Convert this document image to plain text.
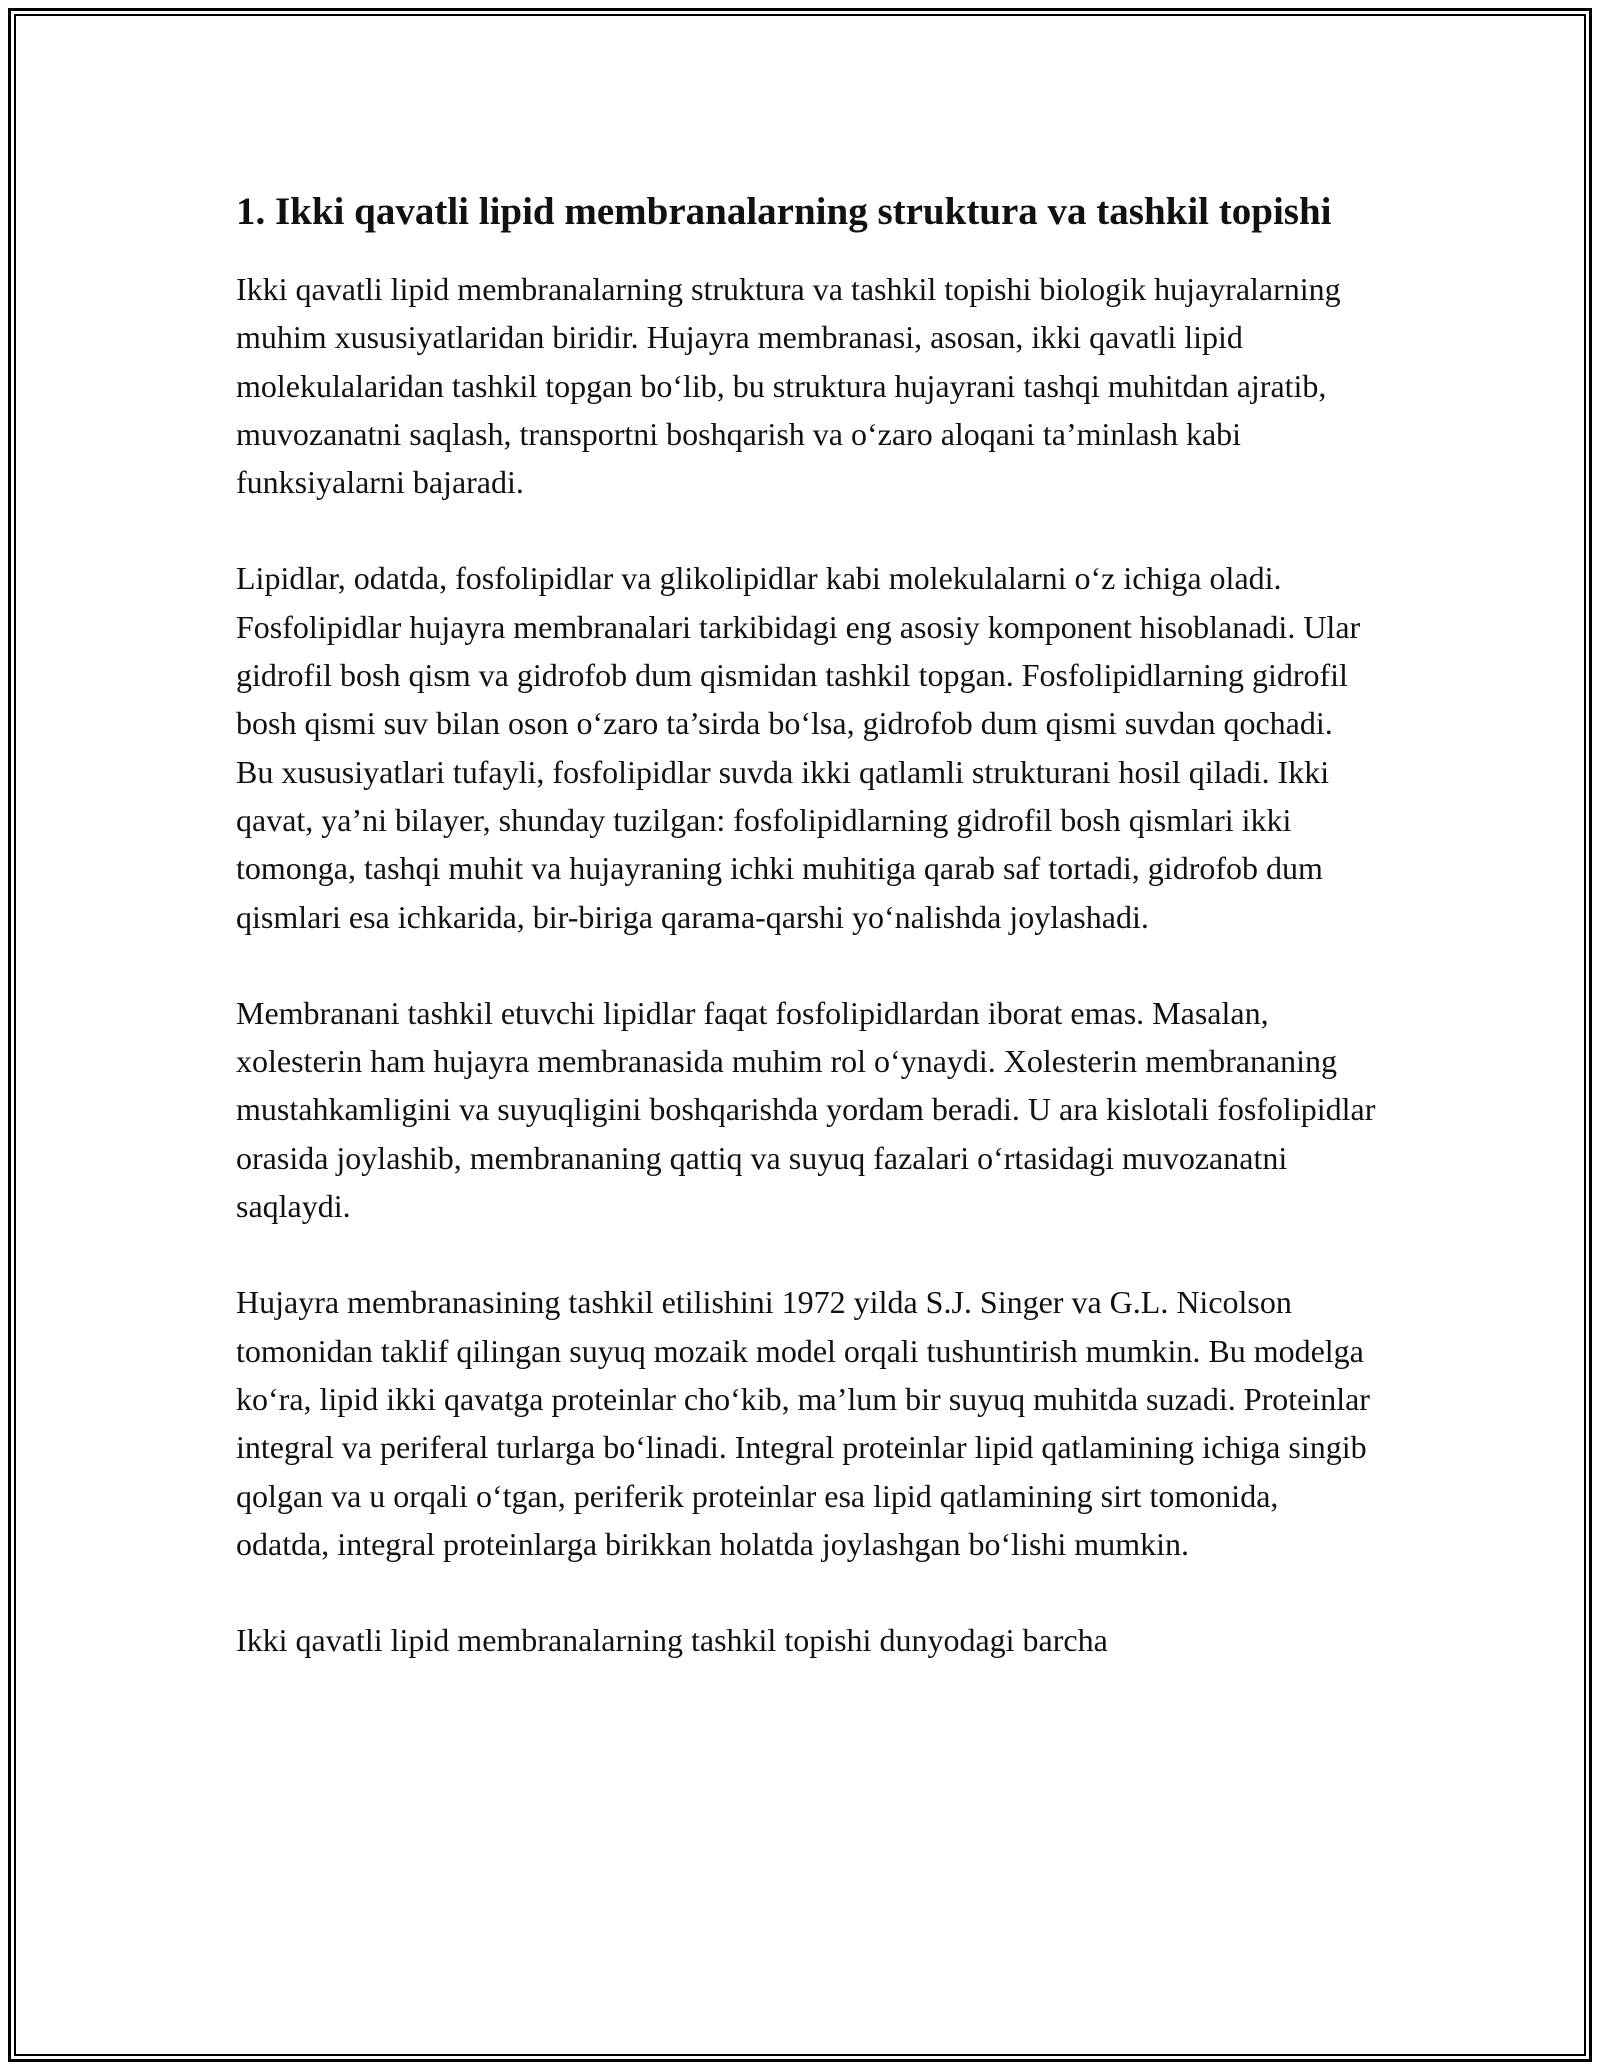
1. Ikki qavatli lipid membranalarning struktura va tashkil topishi

Ikki qavatli lipid membranalarning struktura va tashkil topishi biologik hujayralarning muhim xususiyatlaridan biridir. Hujayra membranasi, asosan, ikki qavatli lipid molekulalaridan tashkil topgan bo‘lib, bu struktura hujayrani tashqi muhitdan ajratib, muvozanatni saqlash, transportni boshqarish va o‘zaro aloqani ta’minlash kabi funksiyalarni bajaradi.

Lipidlar, odatda, fosfolipidlar va glikolipidlar kabi molekulalarni o‘z ichiga oladi. Fosfolipidlar hujayra membranalari tarkibidagi eng asosiy komponent hisoblanadi. Ular gidrofil bosh qism va gidrofob dum qismidan tashkil topgan. Fosfolipidlarning gidrofil bosh qismi suv bilan oson o‘zaro ta’sirda bo‘lsa, gidrofob dum qismi suvdan qochadi. Bu xususiyatlari tufayli, fosfolipidlar suvda ikki qatlamli strukturani hosil qiladi. Ikki qavat, ya’ni bilayer, shunday tuzilgan: fosfolipidlarning gidrofil bosh qismlari ikki tomonga, tashqi muhit va hujayraning ichki muhitiga qarab saf tortadi, gidrofob dum qismlari esa ichkarida, bir-biriga qarama-qarshi yo‘nalishda joylashadi.

Membranani tashkil etuvchi lipidlar faqat fosfolipidlardan iborat emas. Masalan, xolesterin ham hujayra membranasida muhim rol o‘ynaydi. Xolesterin membrananing mustahkamligini va suyuqligini boshqarishda yordam beradi. U ara kislotali fosfolipidlar orasida joylashib, membrananing qattiq va suyuq fazalari o‘rtasidagi muvozanatni saqlaydi.

Hujayra membranasining tashkil etilishini 1972 yilda S.J. Singer va G.L. Nicolson tomonidan taklif qilingan suyuq mozaik model orqali tushuntirish mumkin. Bu modelga ko‘ra, lipid ikki qavatga proteinlar cho‘kib, ma’lum bir suyuq muhitda suzadi. Proteinlar integral va periferal turlarga bo‘linadi. Integral proteinlar lipid qatlamining ichiga singib qolgan va u orqali o‘tgan, periferik proteinlar esa lipid qatlamining sirt tomonida, odatda, integral proteinlarga birikkan holatda joylashgan bo‘lishi mumkin.

Ikki qavatli lipid membranalarning tashkil topishi dunyodagi barcha
